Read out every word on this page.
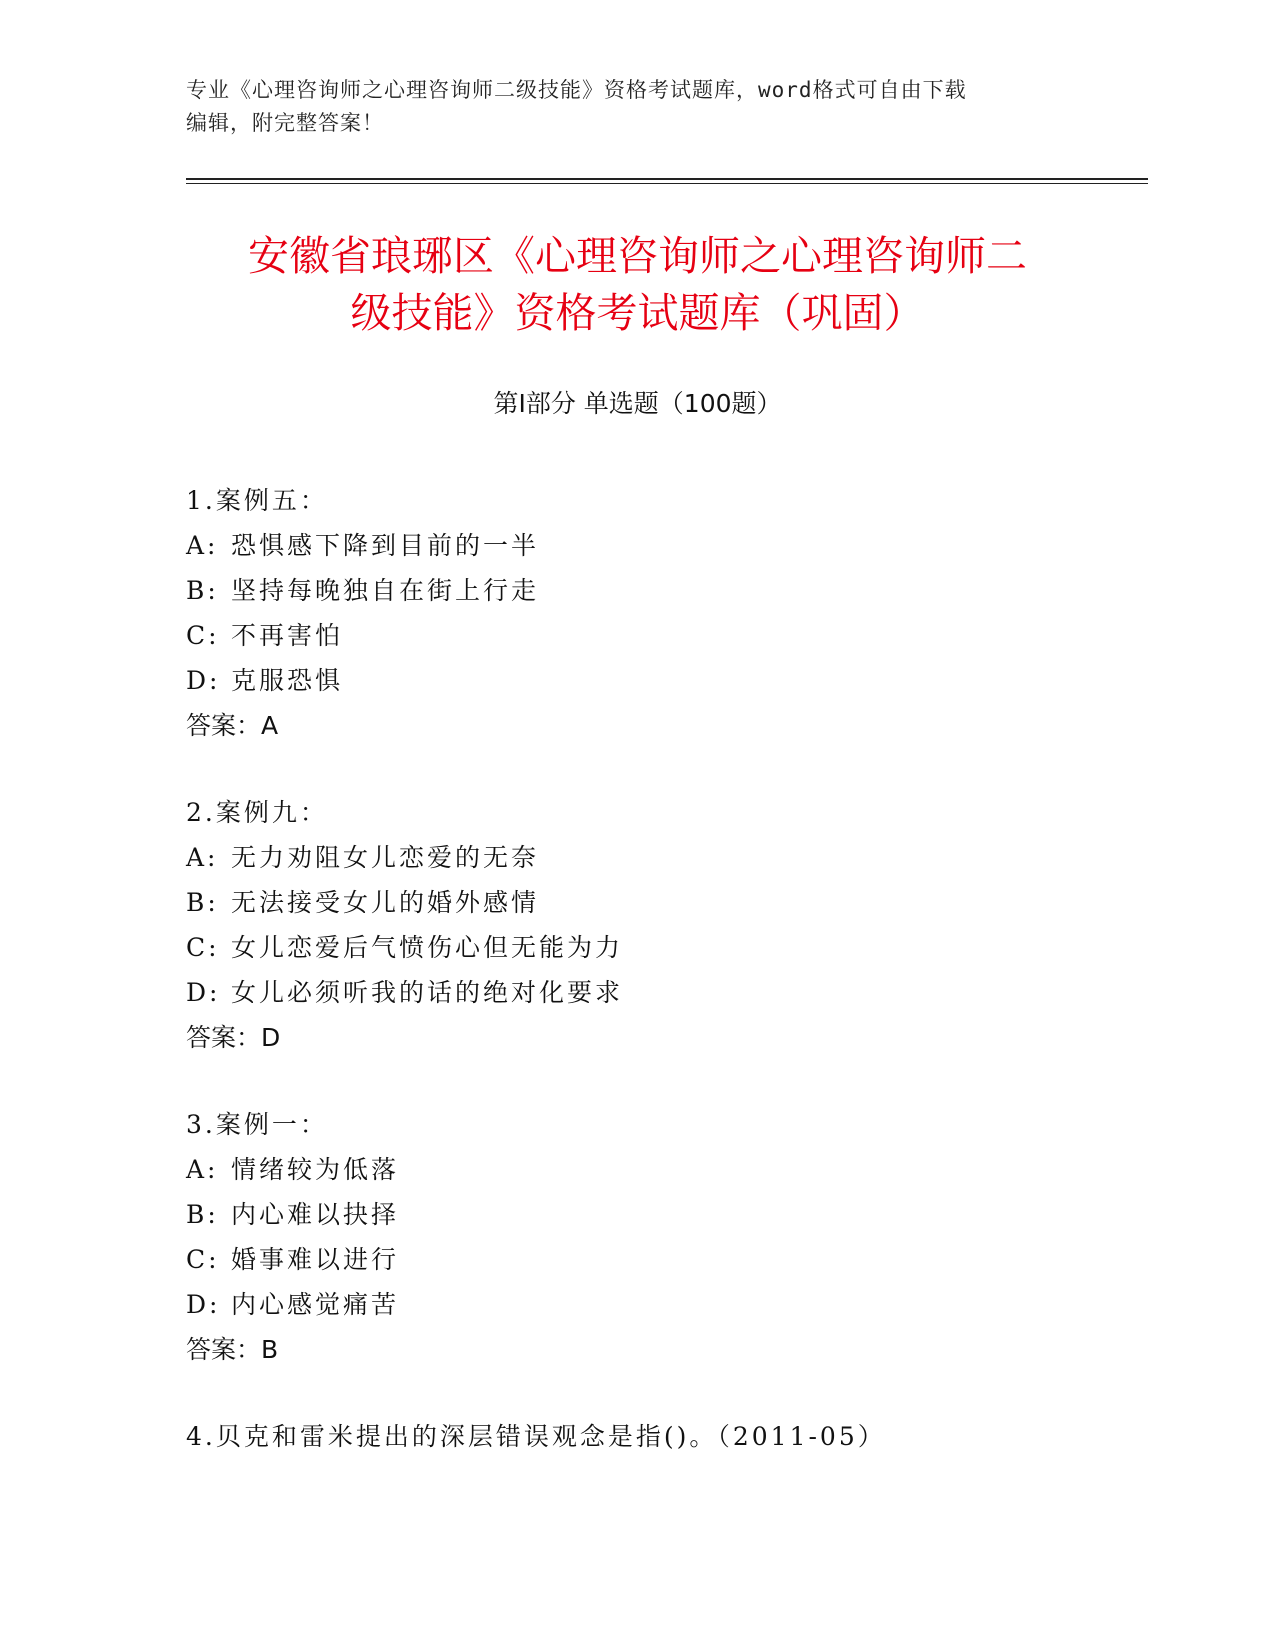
专业《心理咨询师之心理咨询师二级技能》资格考试题库，word格式可自由下载
编辑，附完整答案！
安徽省琅琊区《心理咨询师之心理咨询师二
级技能》资格考试题库（巩固）
第Ⅰ部分 单选题（100题）
1.案例五：
A: 恐惧感下降到目前的一半
B: 坚持每晚独自在街上行走
C: 不再害怕
D: 克服恐惧
答案：A
2.案例九：
A: 无力劝阻女儿恋爱的无奈
B: 无法接受女儿的婚外感情
C: 女儿恋爱后气愤伤心但无能为力
D: 女儿必须听我的话的绝对化要求
答案：D
3.案例一：
A: 情绪较为低落
B: 内心难以抉择
C: 婚事难以进行
D: 内心感觉痛苦
答案：B
4.贝克和雷米提出的深层错误观念是指()。（2011-05）
